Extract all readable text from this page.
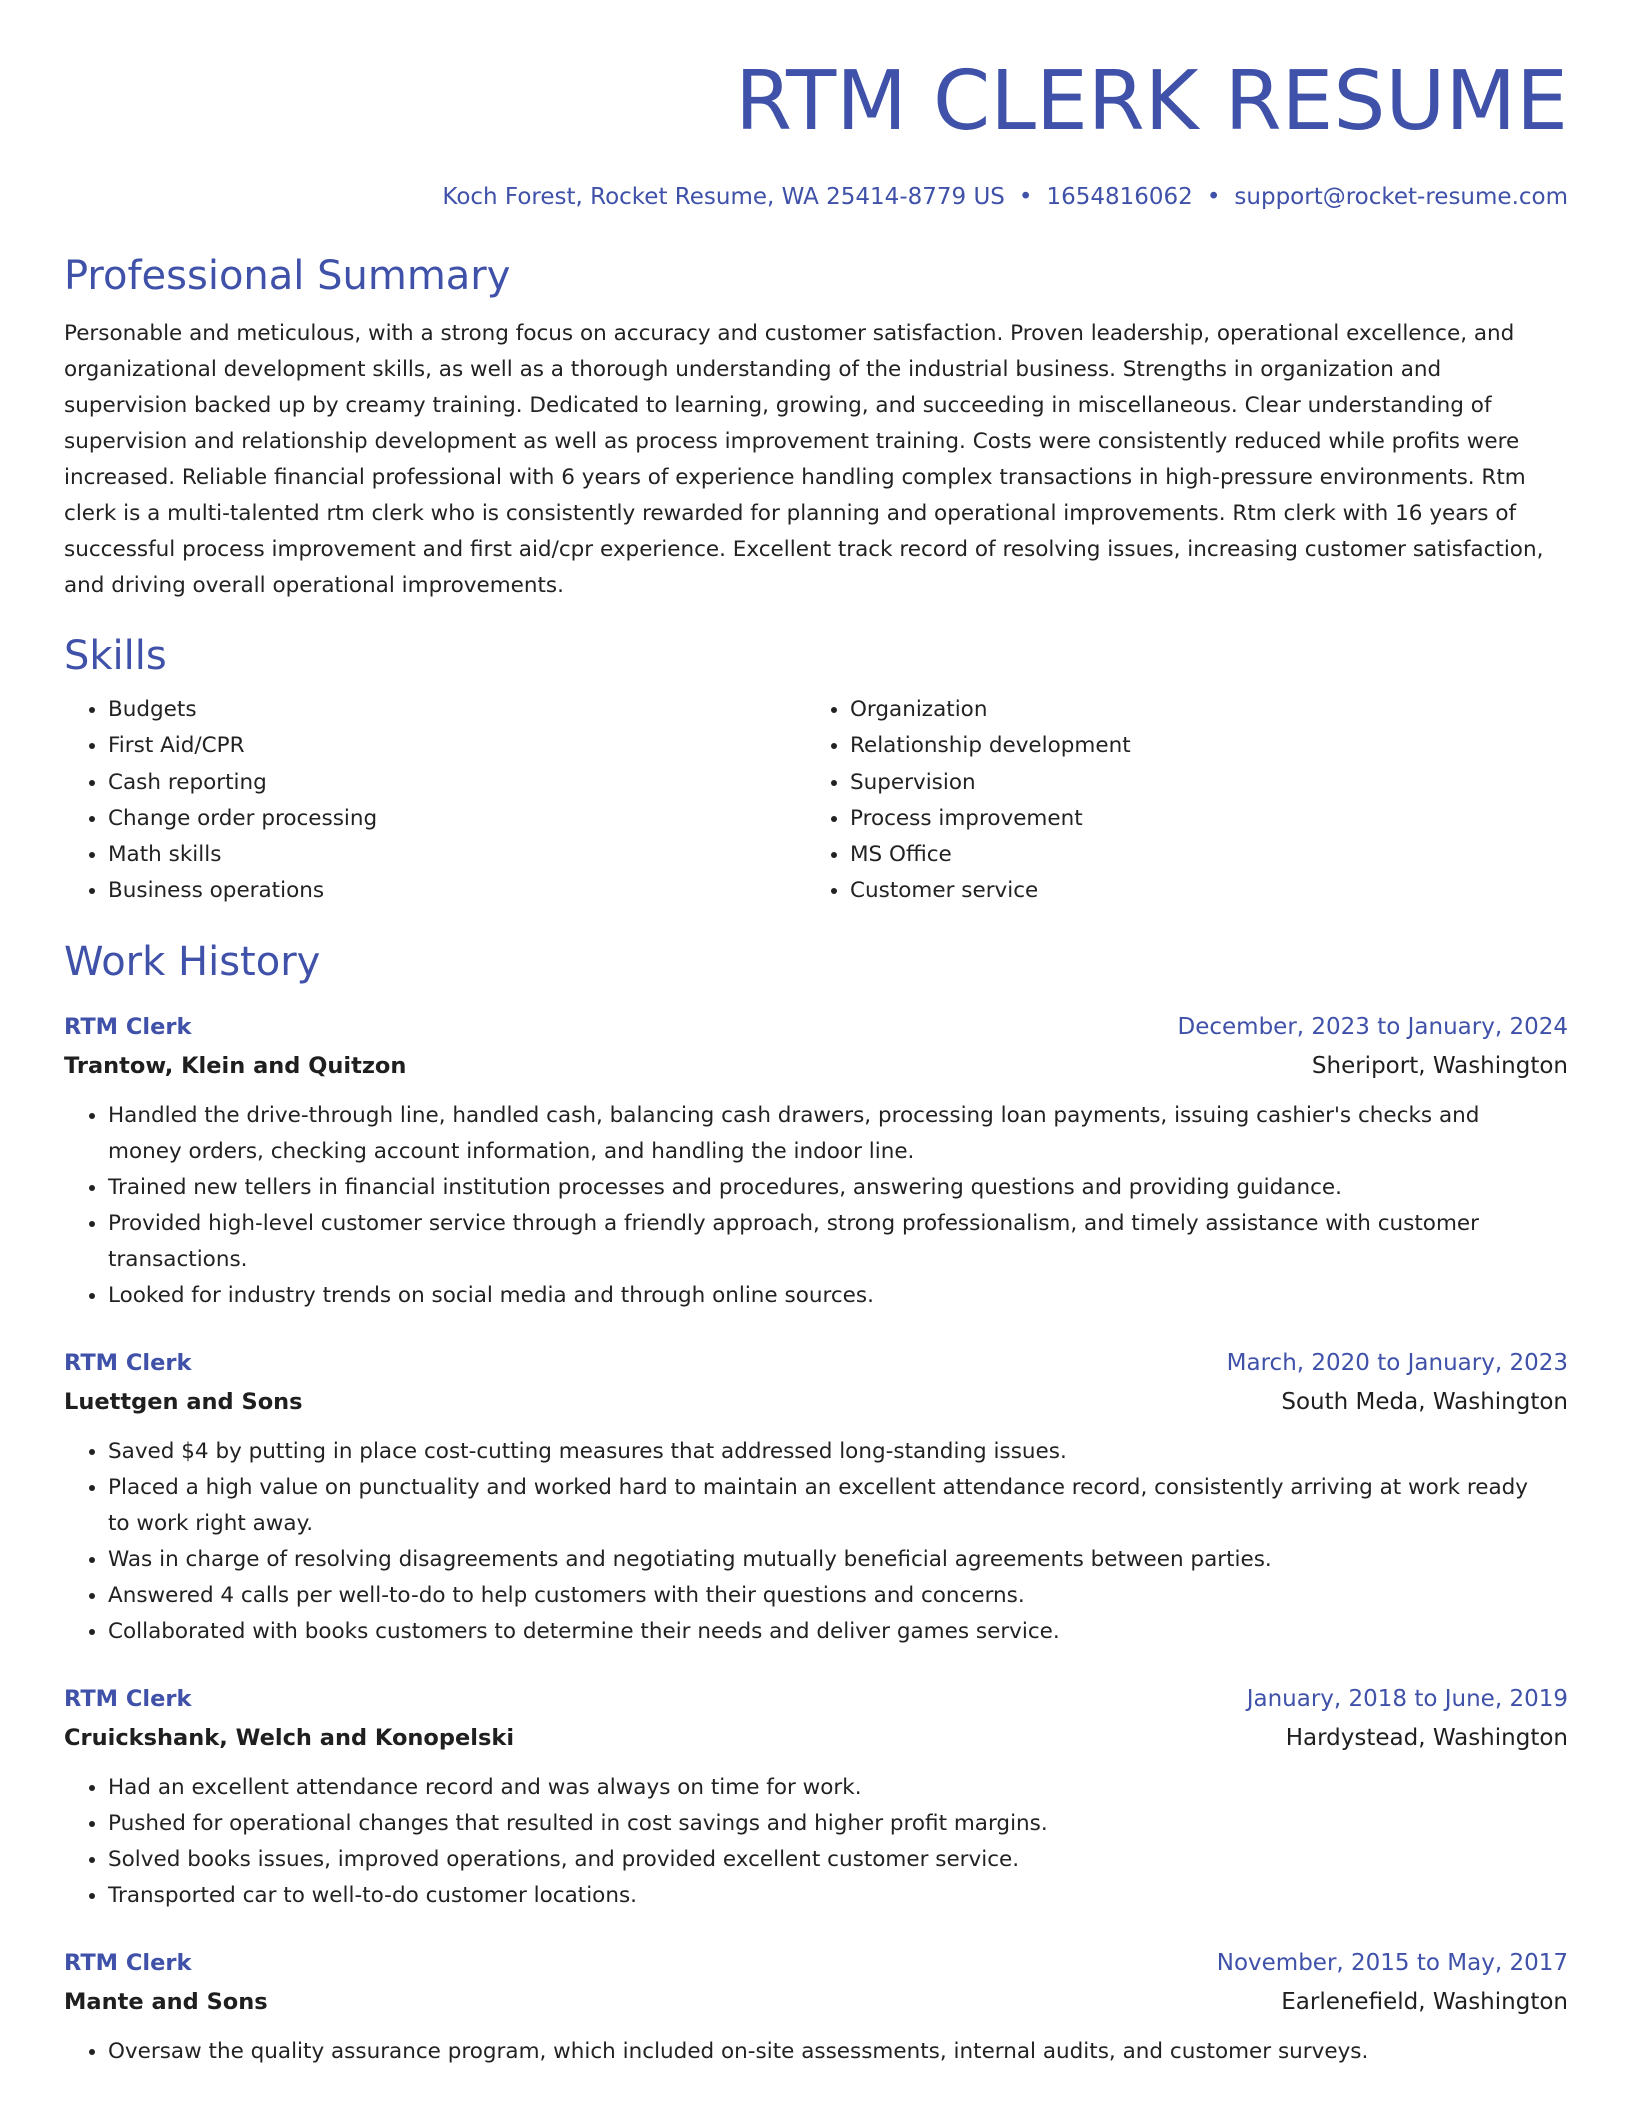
RTM CLERK RESUME
Koch Forest, Rocket Resume, WA 25414-8779 US • 1654816062 • support@rocket-resume.com
Professional Summary

Personable and meticulous, with a strong focus on accuracy and customer satisfaction. Proven leadership, operational excellence, and organizational development skills, as well as a thorough understanding of the industrial business. Strengths in organization and supervision backed up by creamy training. Dedicated to learning, growing, and succeeding in miscellaneous. Clear understanding of supervision and relationship development as well as process improvement training. Costs were consistently reduced while profits were increased. Reliable financial professional with 6 years of experience handling complex transactions in high-pressure environments. Rtm clerk is a multi-talented rtm clerk who is consistently rewarded for planning and operational improvements. Rtm clerk with 16 years of successful process improvement and first aid/cpr experience. Excellent track record of resolving issues, increasing customer satisfaction, and driving overall operational improvements.

Skills
• Budgets
• First Aid/CPR
• Cash reporting
• Change order processing
• Math skills
• Business operations
• Organization
• Relationship development
• Supervision
• Process improvement
• MS Office
• Customer service
Work History
RTM Clerk	December, 2023 to January, 2024
Trantow, Klein and Quitzon	Sheriport, Washington
• Handled the drive-through line, handled cash, balancing cash drawers, processing loan payments, issuing cashier's checks and money orders, checking account information, and handling the indoor line.
• Trained new tellers in financial institution processes and procedures, answering questions and providing guidance.
• Provided high-level customer service through a friendly approach, strong professionalism, and timely assistance with customer transactions.
• Looked for industry trends on social media and through online sources.
RTM Clerk	March, 2020 to January, 2023
Luettgen and Sons	South Meda, Washington
• Saved $4 by putting in place cost-cutting measures that addressed long-standing issues.
• Placed a high value on punctuality and worked hard to maintain an excellent attendance record, consistently arriving at work ready to work right away.
• Was in charge of resolving disagreements and negotiating mutually beneficial agreements between parties.
• Answered 4 calls per well-to-do to help customers with their questions and concerns.
• Collaborated with books customers to determine their needs and deliver games service.
RTM Clerk	January, 2018 to June, 2019
Cruickshank, Welch and Konopelski	Hardystead, Washington
• Had an excellent attendance record and was always on time for work.
• Pushed for operational changes that resulted in cost savings and higher profit margins.
• Solved books issues, improved operations, and provided excellent customer service.
• Transported car to well-to-do customer locations.
RTM Clerk	November, 2015 to May, 2017
Mante and Sons	Earlenefield, Washington
• Oversaw the quality assurance program, which included on-site assessments, internal audits, and customer surveys.
